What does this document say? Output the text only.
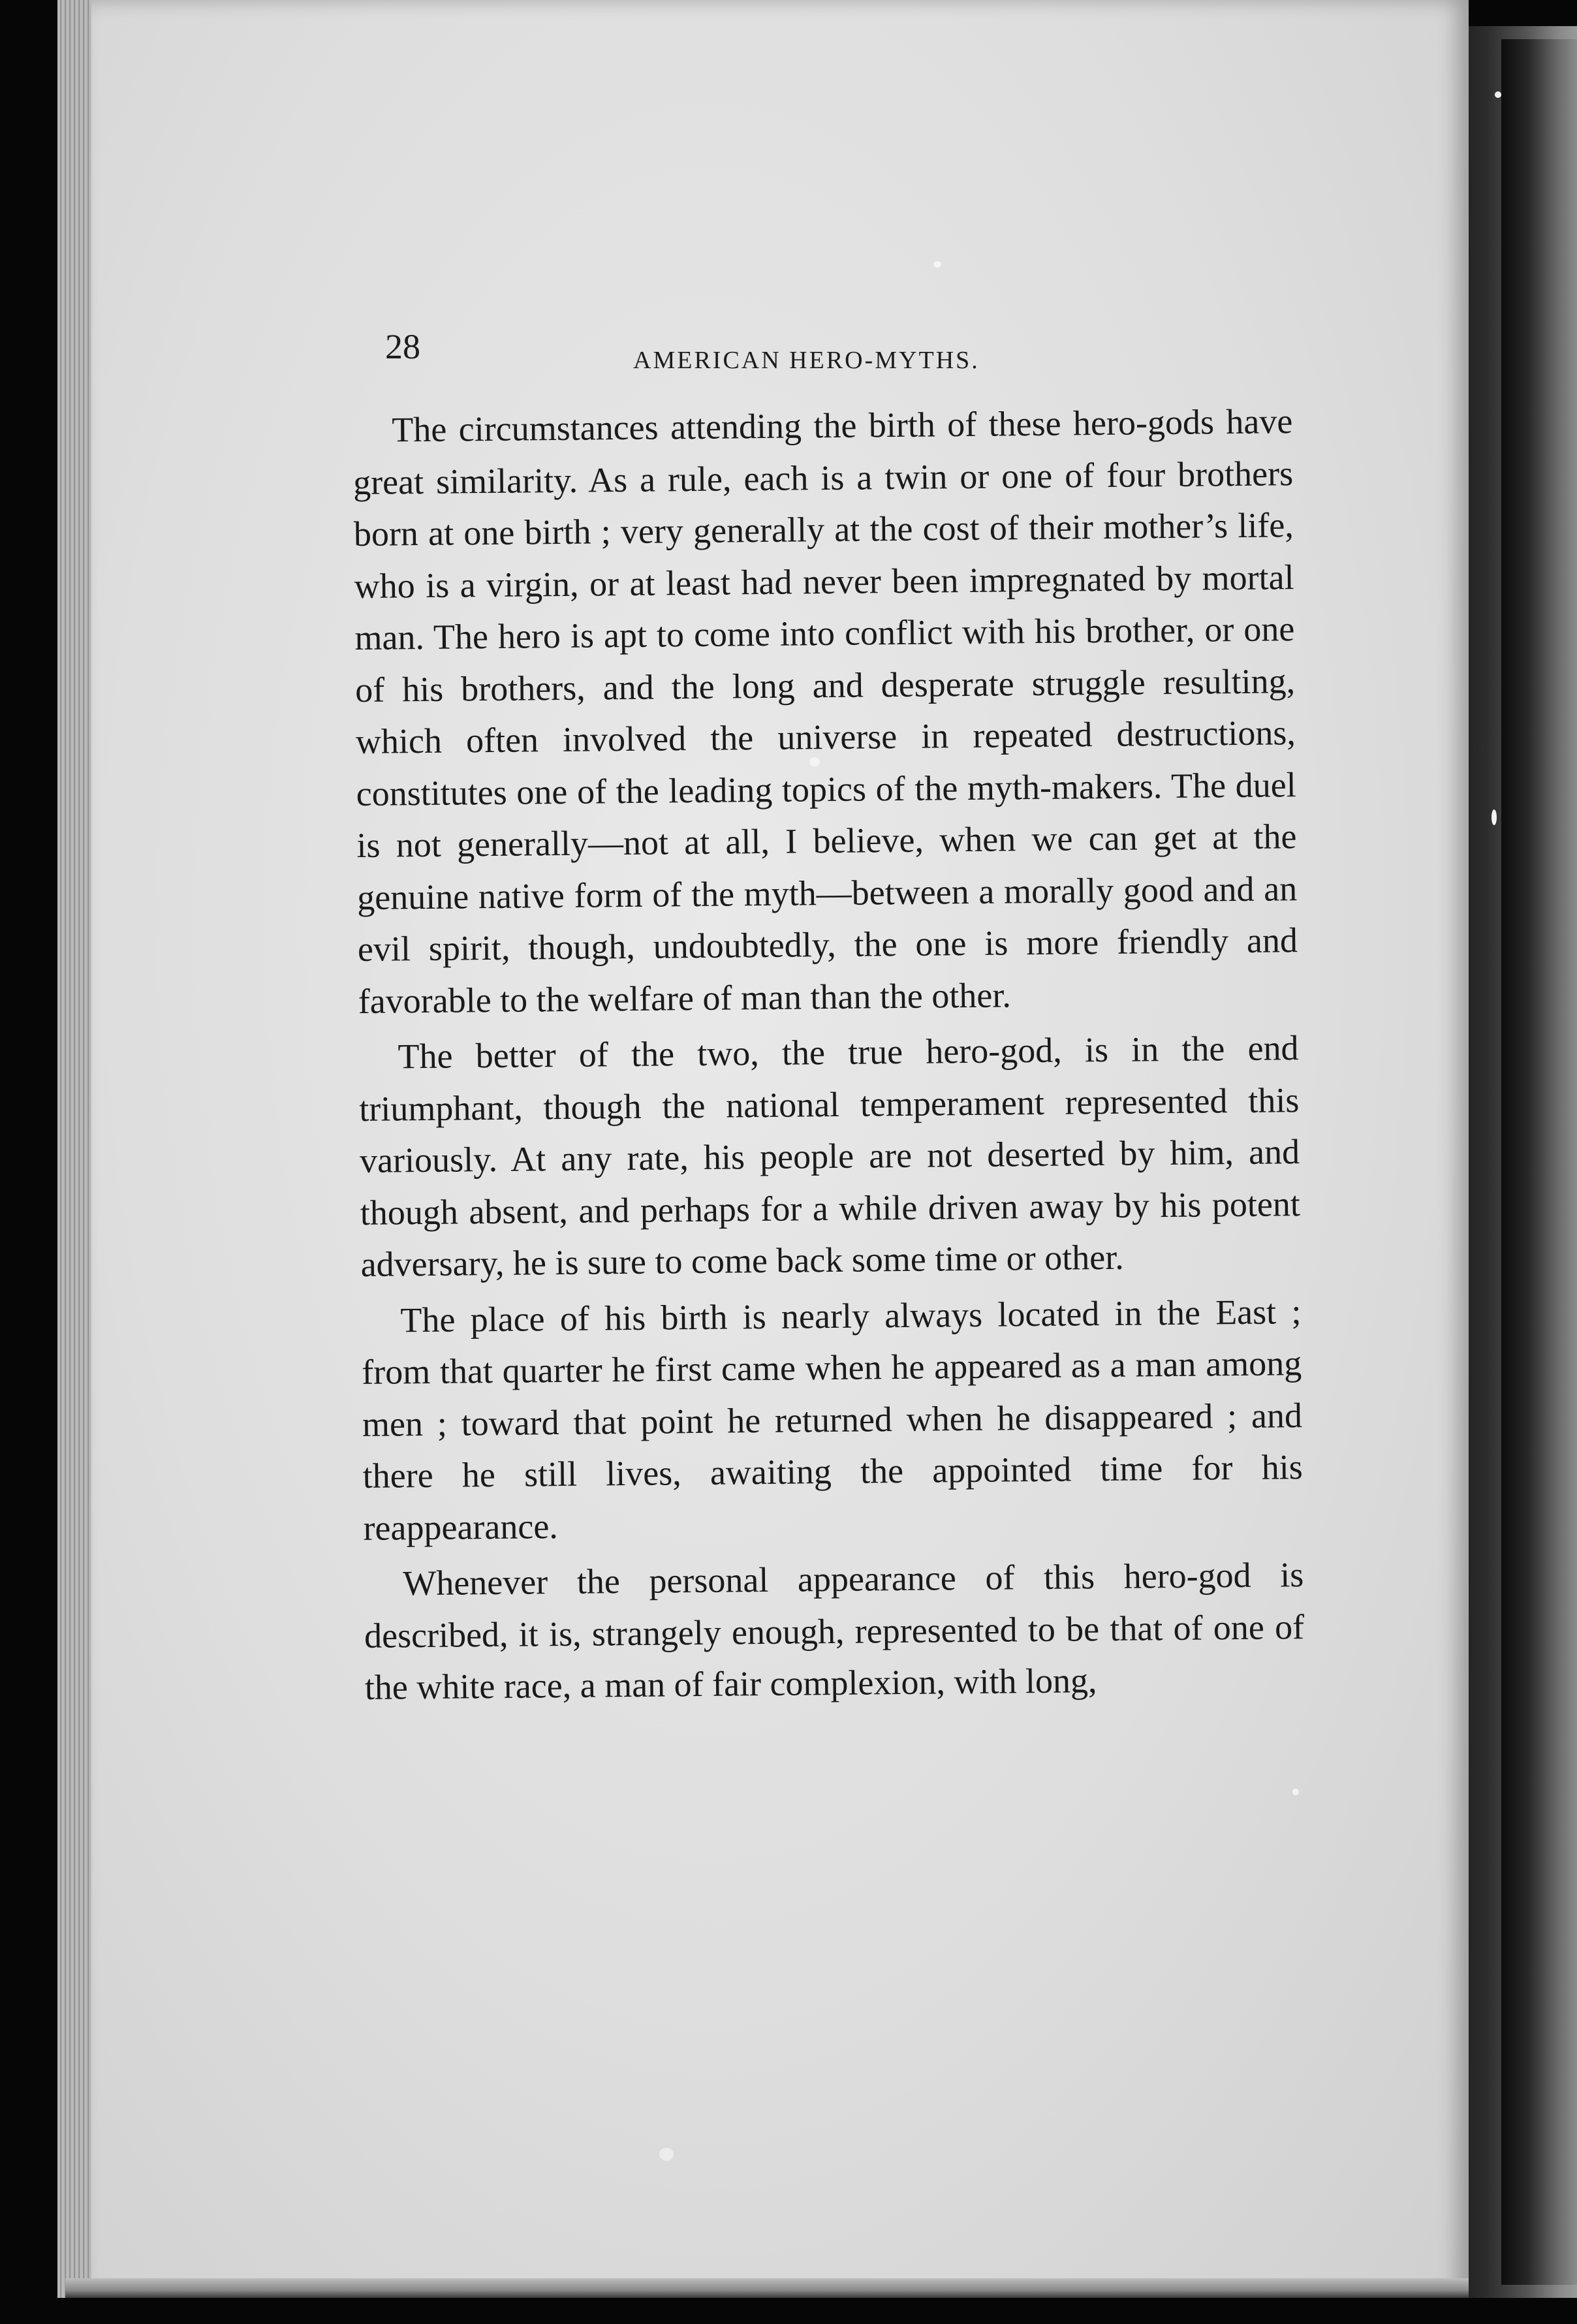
28	AMERICAN HERO-MYTHS.

The circumstances attending the birth of these hero-gods have great similarity. As a rule, each is a twin or one of four brothers born at one birth ; very generally at the cost of their mother’s life, who is a virgin, or at least had never been impregnated by mortal man. The hero is apt to come into conflict with his brother, or one of his brothers, and the long and desperate struggle resulting, which often involved the universe in repeated destructions, constitutes one of the leading topics of the myth-makers. The duel is not generally—not at all, I believe, when we can get at the genuine native form of the myth—between a morally good and an evil spirit, though, undoubtedly, the one is more friendly and favorable to the welfare of man than the other.

The better of the two, the true hero-god, is in the end triumphant, though the national temperament represented this variously. At any rate, his people are not deserted by him, and though absent, and perhaps for a while driven away by his potent adversary, he is sure to come back some time or other.

The place of his birth is nearly always located in the East ; from that quarter he first came when he appeared as a man among men ; toward that point he returned when he disappeared ; and there he still lives, awaiting the appointed time for his reappearance.

Whenever the personal appearance of this hero-god is described, it is, strangely enough, represented to be that of one of the white race, a man of fair complexion, with long,
